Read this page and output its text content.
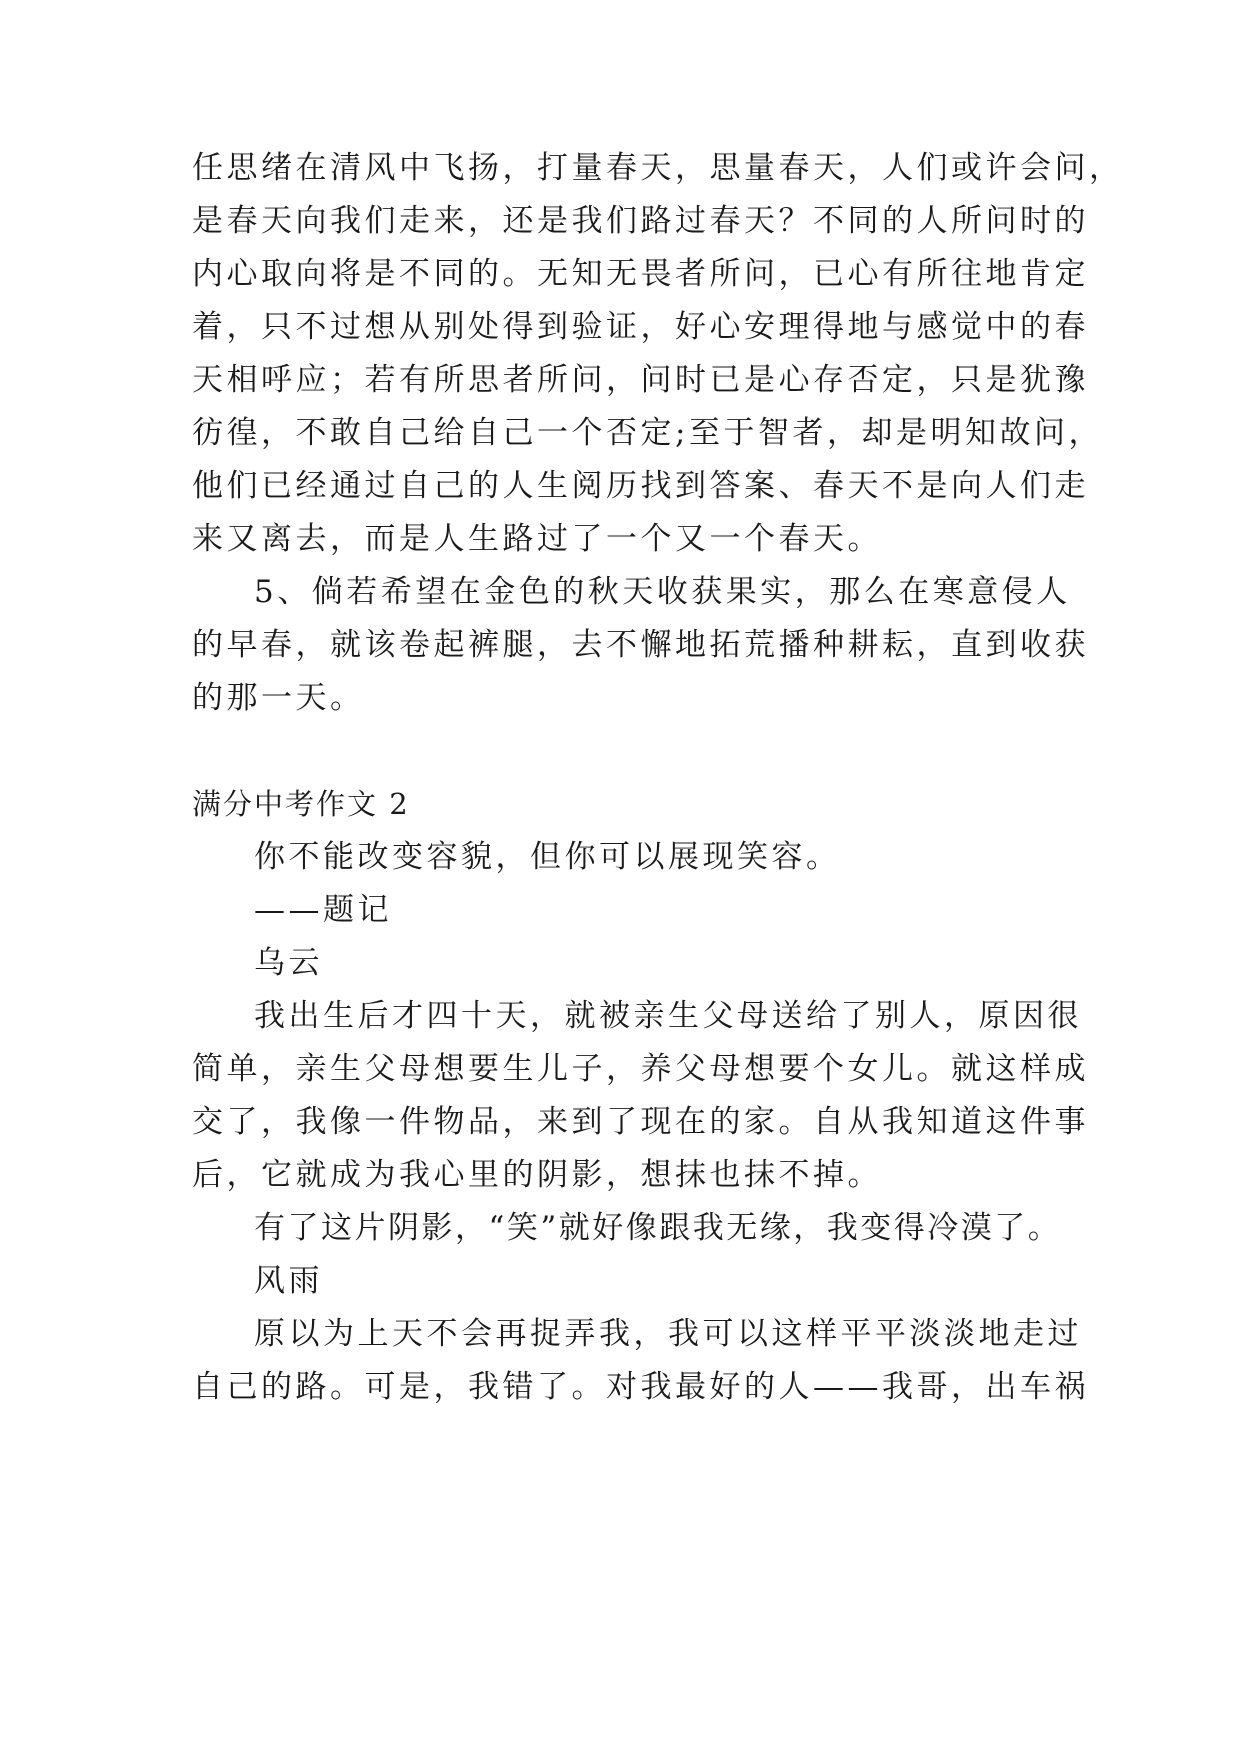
任思绪在清风中飞扬，打量春天，思量春天，人们或许会问，
是春天向我们走来，还是我们路过春天？不同的人所问时的
内心取向将是不同的。无知无畏者所问，已心有所往地肯定
着，只不过想从别处得到验证，好心安理得地与感觉中的春
天相呼应；若有所思者所问，问时已是心存否定，只是犹豫
彷徨，不敢自己给自己一个否定;至于智者，却是明知故问，
他们已经通过自己的人生阅历找到答案、春天不是向人们走
来又离去，而是人生路过了一个又一个春天。
5、倘若希望在金色的秋天收获果实，那么在寒意侵人
的早春，就该卷起裤腿，去不懈地拓荒播种耕耘，直到收获
的那一天。
满分中考作文 2
你不能改变容貌，但你可以展现笑容。
——题记
乌云
我出生后才四十天，就被亲生父母送给了别人，原因很
简单，亲生父母想要生儿子，养父母想要个女儿。就这样成
交了，我像一件物品，来到了现在的家。自从我知道这件事
后，它就成为我心里的阴影，想抹也抹不掉。
有了这片阴影，“笑”就好像跟我无缘，我变得冷漠了。
风雨
原以为上天不会再捉弄我，我可以这样平平淡淡地走过
自己的路。可是，我错了。对我最好的人——我哥，出车祸
